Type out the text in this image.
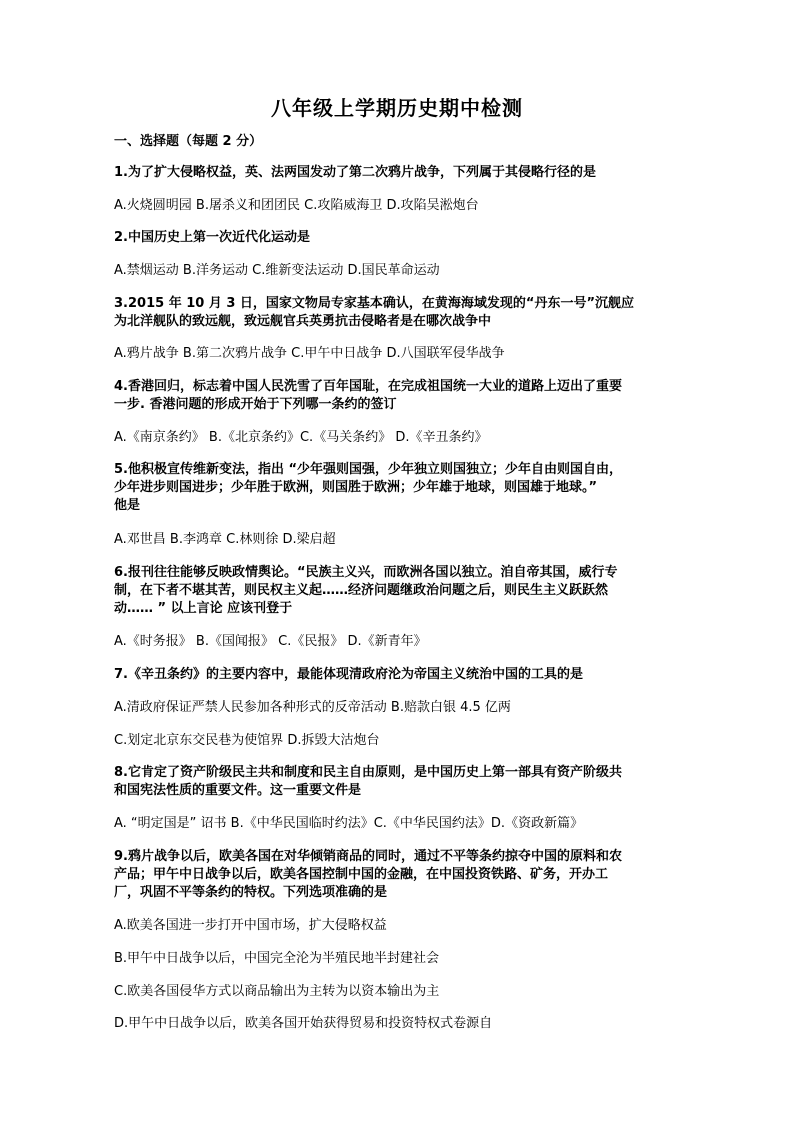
八年级上学期历史期中检测
一、选择题（每题 2 分）
1.为了扩大侵略权益，英、法两国发动了第二次鸦片战争，下列属于其侵略行径的是
A.火烧圆明园 B.屠杀义和团团民 C.攻陷威海卫 D.攻陷吴淞炮台
2.中国历史上第一次近代化运动是
A.禁烟运动 B.洋务运动 C.维新变法运动 D.国民革命运动
3.2015 年 10 月 3 日，国家文物局专家基本确认，在黄海海域发现的“丹东一号”沉舰应
为北洋舰队的致远舰，致远舰官兵英勇抗击侵略者是在哪次战争中
A.鸦片战争 B.第二次鸦片战争 C.甲午中日战争 D.八国联军侵华战争
4.香港回归，标志着中国人民洗雪了百年国耻，在完成祖国统一大业的道路上迈出了重要
一步. 香港问题的形成开始于下列哪一条约的签订
A.《南京条约》 B.《北京条约》C.《马关条约》 D.《辛丑条约》
5.他积极宣传维新变法，指出 “少年强则国强，少年独立则国独立；少年自由则国自由，
少年进步则国进步；少年胜于欧洲，则国胜于欧洲；少年雄于地球，则国雄于地球。”
他是
A.邓世昌 B.李鸿章 C.林则徐 D.梁启超
6.报刊往往能够反映政情舆论。“民族主义兴，而欧洲各国以独立。洎自帝其国，威行专
制，在下者不堪其苦，则民权主义起……经济问题继政治问题之后，则民生主义跃跃然
动…… ” 以上言论 应该刊登于
A.《时务报》 B.《国闻报》 C.《民报》 D.《新青年》
7.《辛丑条约》的主要内容中，最能体现清政府沦为帝国主义统治中国的工具的是
A.清政府保证严禁人民参加各种形式的反帝活动 B.赔款白银 4.5 亿两
C.划定北京东交民巷为使馆界 D.拆毁大沽炮台
8.它肯定了资产阶级民主共和制度和民主自由原则，是中国历史上第一部具有资产阶级共
和国宪法性质的重要文件。这一重要文件是
A. “明定国是” 诏书 B.《中华民国临时约法》C.《中华民国约法》D.《资政新篇》
9.鸦片战争以后，欧美各国在对华倾销商品的同时，通过不平等条约掠夺中国的原料和农
产品；甲午中日战争以后，欧美各国控制中国的金融，在中国投资铁路、矿务，开办工
厂，巩固不平等条约的特权。下列选项准确的是
A.欧美各国进一步打开中国市场，扩大侵略权益
B.甲午中日战争以后，中国完全沦为半殖民地半封建社会
C.欧美各国侵华方式以商品输出为主转为以资本输出为主
D.甲午中日战争以后，欧美各国开始获得贸易和投资特权式卷源自
